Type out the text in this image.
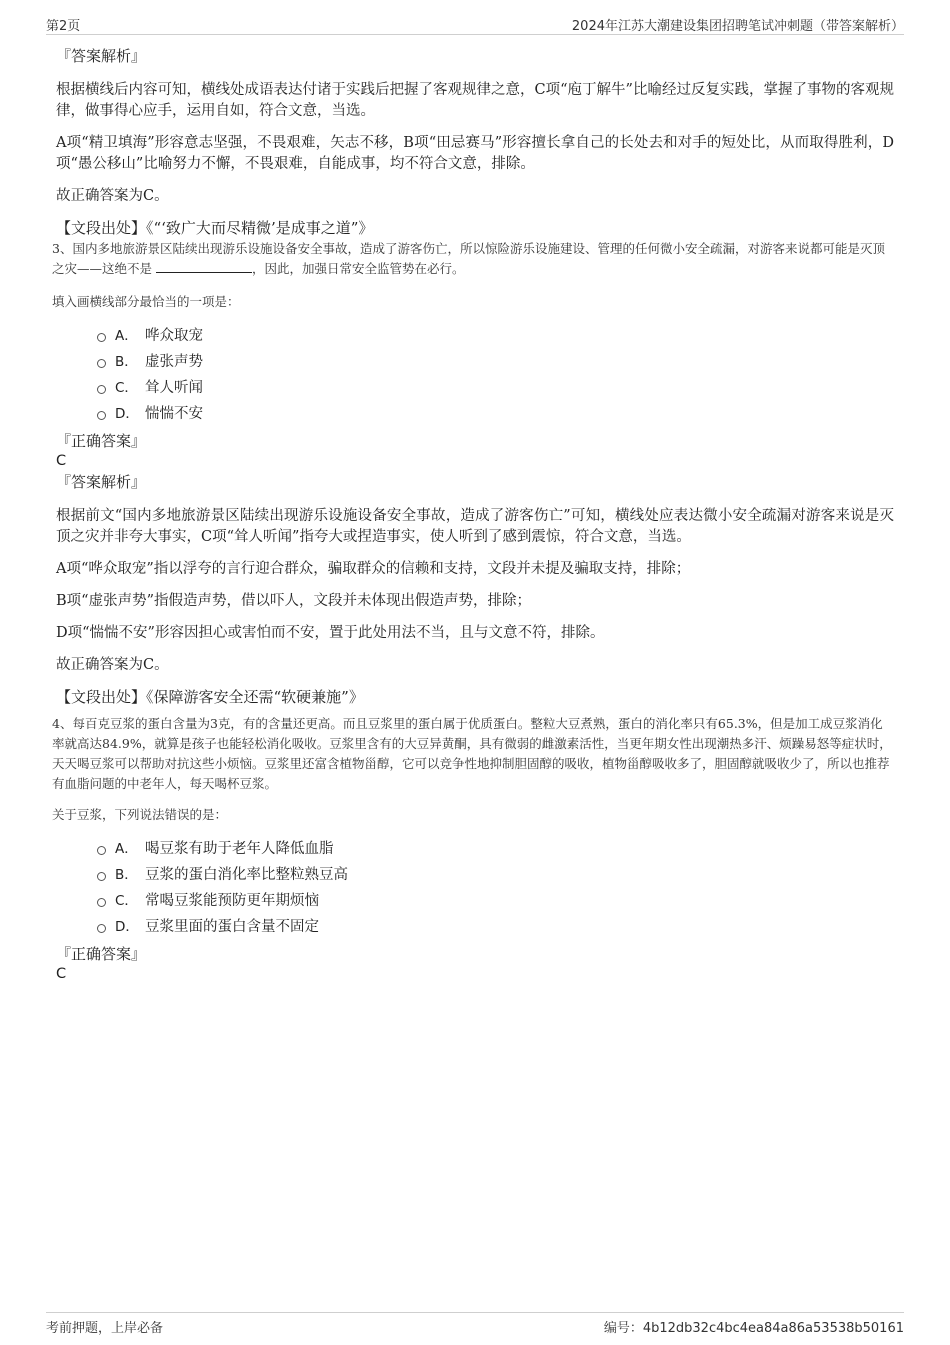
第2页	2024年江苏大潮建设集团招聘笔试冲刺题（带答案解析）

『答案解析』

根据横线后内容可知，横线处成语表达付诸于实践后把握了客观规律之意，C项“庖丁解牛”比喻经过反复实践，掌握了事物的客观规律，做事得心应手，运用自如，符合文意，当选。

A项“精卫填海”形容意志坚强，不畏艰难，矢志不移，B项“田忌赛马”形容擅长拿自己的长处去和对手的短处比，从而取得胜利，D项“愚公移山”比喻努力不懈，不畏艰难，自能成事，均不符合文意，排除。

故正确答案为C。

【文段出处】《“‘致广大而尽精微’是成事之道”》

3、国内多地旅游景区陆续出现游乐设施设备安全事故，造成了游客伤亡，所以惊险游乐设施建设、管理的任何微小安全疏漏，对游客来说都可能是灭顶之灾——这绝不是	，因此，加强日常安全监管势在必行。

填入画横线部分最恰当的一项是：

A． 哗众取宠
B． 虚张声势
C． 耸人听闻
D． 惴惴不安

『正确答案』

C

『答案解析』

根据前文“国内多地旅游景区陆续出现游乐设施设备安全事故，造成了游客伤亡”可知，横线处应表达微小安全疏漏对游客来说是灭顶之灾并非夸大事实，C项“耸人听闻”指夸大或捏造事实，使人听到了感到震惊，符合文意，当选。

A项“哗众取宠”指以浮夸的言行迎合群众，骗取群众的信赖和支持，文段并未提及骗取支持，排除；

B项“虚张声势”指假造声势，借以吓人，文段并未体现出假造声势，排除；

D项“惴惴不安”形容因担心或害怕而不安，置于此处用法不当，且与文意不符，排除。

故正确答案为C。

【文段出处】《保障游客安全还需“软硬兼施”》

4、每百克豆浆的蛋白含量为3克，有的含量还更高。而且豆浆里的蛋白属于优质蛋白。整粒大豆煮熟，蛋白的消化率只有65.3%，但是加工成豆浆消化率就高达84.9%，就算是孩子也能轻松消化吸收。豆浆里含有的大豆异黄酮，具有微弱的雌激素活性，当更年期女性出现潮热多汗、烦躁易怒等症状时，天天喝豆浆可以帮助对抗这些小烦恼。豆浆里还富含植物甾醇，它可以竞争性地抑制胆固醇的吸收，植物甾醇吸收多了，胆固醇就吸收少了，所以也推荐有血脂问题的中老年人，每天喝杯豆浆。

关于豆浆，下列说法错误的是：

A． 喝豆浆有助于老年人降低血脂
B． 豆浆的蛋白消化率比整粒熟豆高
C． 常喝豆浆能预防更年期烦恼
D． 豆浆里面的蛋白含量不固定

『正确答案』

C

考前押题，上岸必备	编号：4b12db32c4bc4ea84a86a53538b50161
